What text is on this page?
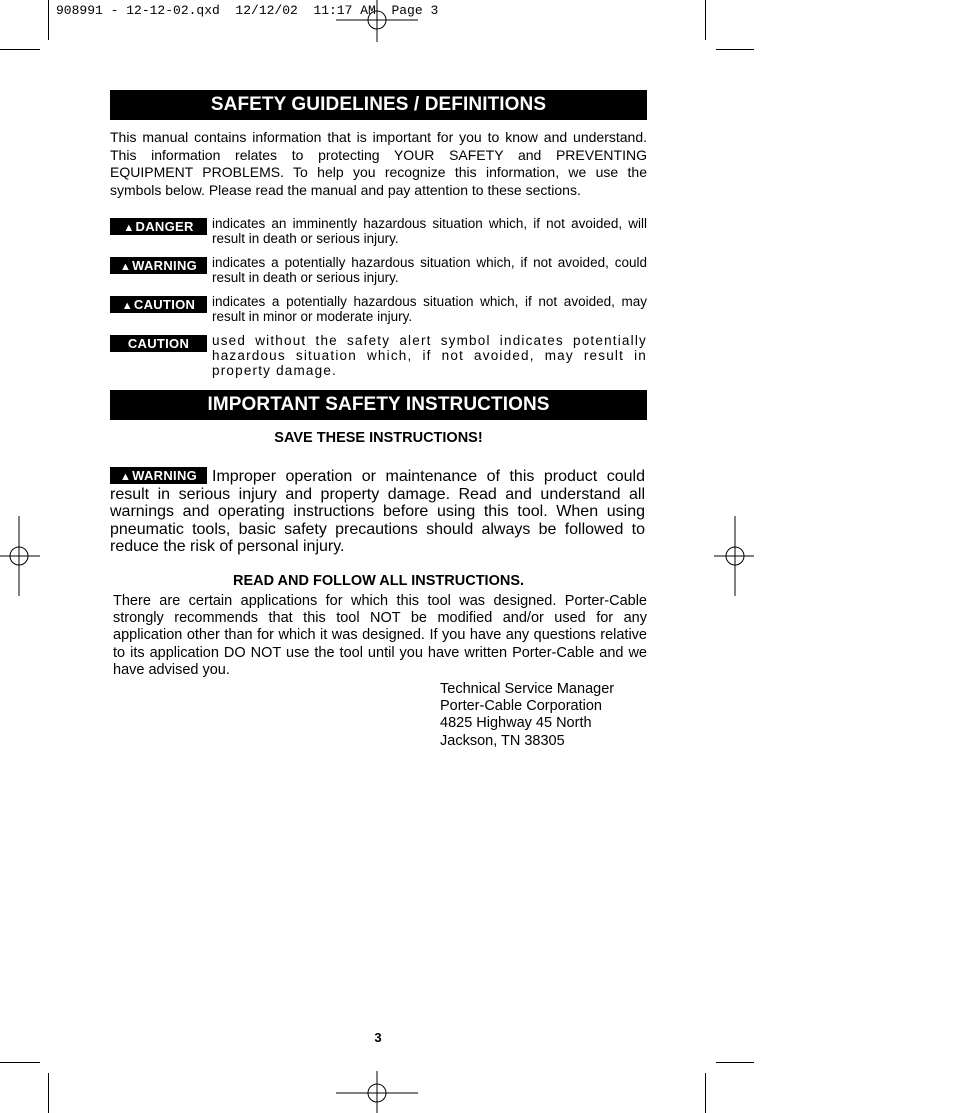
908991 - 12-12-02.qxd  12/12/02  11:17 AM  Page 3
SAFETY GUIDELINES / DEFINITIONS
This manual contains information that is important for you to know and understand. This information relates to protecting YOUR SAFETY and PREVENTING EQUIPMENT PROBLEMS. To help you recognize this information, we use the symbols below. Please read the manual and pay attention to these sections.
▲DANGER	indicates an imminently hazardous situation which, if not avoided, will result in death or serious injury.
▲WARNING	indicates a potentially hazardous situation which, if not avoided, could result in death or serious injury.
▲CAUTION	indicates a potentially hazardous situation which, if not avoided, may result in minor or moderate injury.
CAUTION	used without the safety alert symbol indicates potentially hazardous situation which, if not avoided, may result in property damage.
IMPORTANT SAFETY INSTRUCTIONS
SAVE THESE INSTRUCTIONS!
▲WARNING Improper operation or maintenance of this product could result in serious injury and property damage. Read and understand all warnings and operating instructions before using this tool. When using pneumatic tools, basic safety precautions should always be followed to reduce the risk of personal injury.
READ AND FOLLOW ALL INSTRUCTIONS.
There are certain applications for which this tool was designed. Porter-Cable strongly recommends that this tool NOT be modified and/or used for any application other than for which it was designed. If you have any questions relative to its application DO NOT use the tool until you have written Porter-Cable and we have advised you.
Technical Service Manager
Porter-Cable Corporation
4825 Highway 45 North
Jackson, TN 38305
3
